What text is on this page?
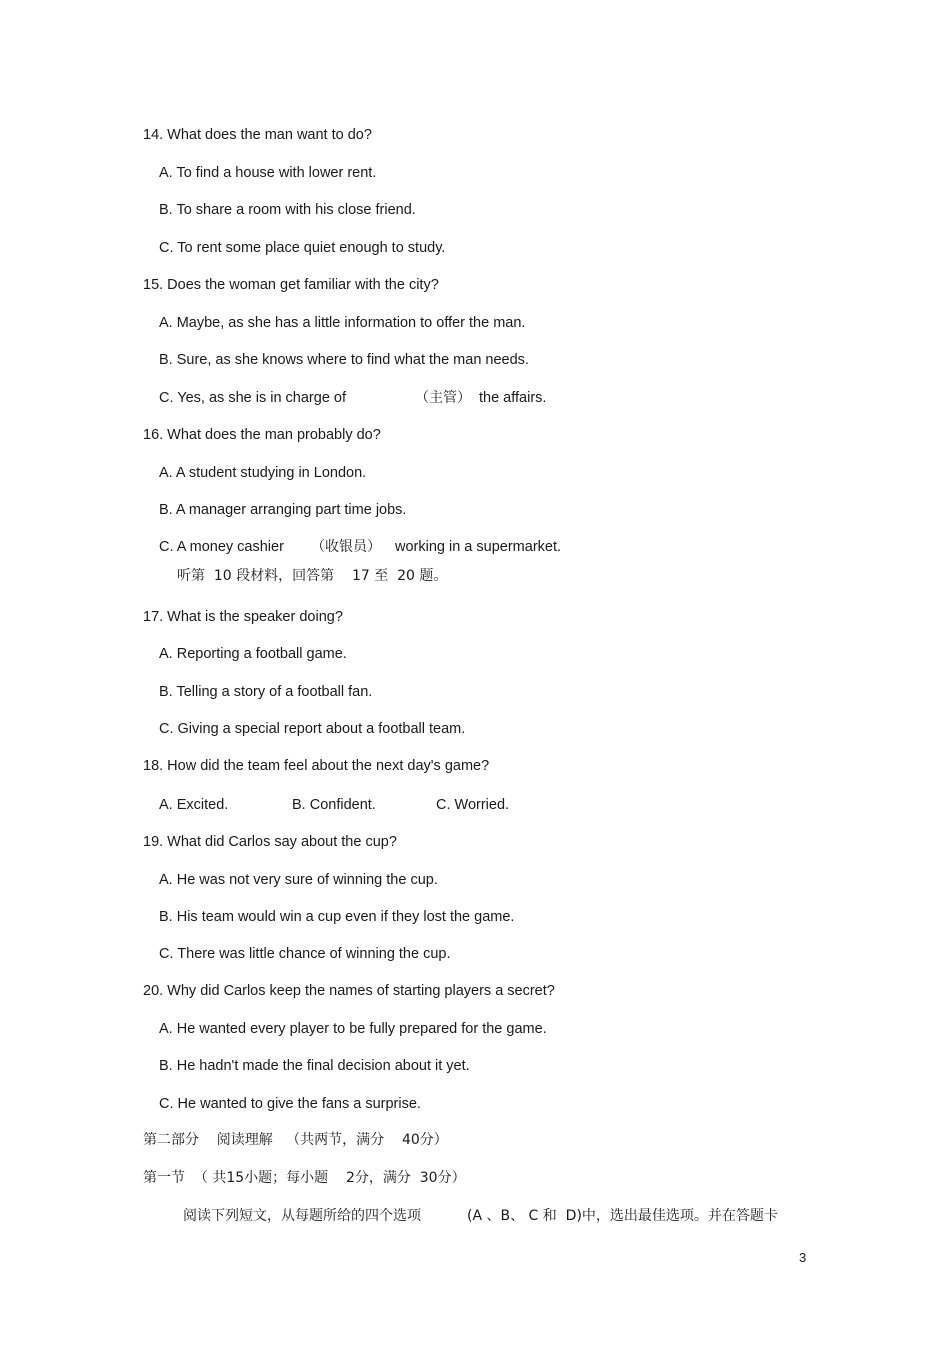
14. What does the man want to do?
A. To find a house with lower rent.
B. To share a room with his close friend.
C. To rent some place quiet enough to study.
15. Does the woman get familiar with the city?
A. Maybe, as she has a little information to offer the man.
B. Sure, as she knows where to find what the man needs.
C. Yes, as she is in charge of	（主管） the affairs.
16. What does the man probably do?
A. A student studying in London.
B. A manager arranging part time jobs.
C. A money cashier （收银员） working in a supermarket.
听第  10 段材料，回答第    17 至  20 题。
17. What is the speaker doing?
A. Reporting a football game.
B. Telling a story of a football fan.
C. Giving a special report about a football team.
18. How did the team feel about the next day's game?
A. Excited.	B. Confident.	C. Worried.
19. What did Carlos say about the cup?
A. He was not very sure of winning the cup.
B. His team would win a cup even if they lost the game.
C. There was little chance of winning the cup.
20. Why did Carlos keep the names of starting players a secret?
A. He wanted every player to be fully prepared for the game.
B. He hadn't made the final decision about it yet.
C. He wanted to give the fans a surprise.
第二部分    阅读理解   （共两节，满分    40分）
第一节  （ 共15小题；每小题    2分，满分  30分）
阅读下列短文，从每题所给的四个选项	(A 、B、 C 和  D)中，选出最佳选项。并在答题卡
3
